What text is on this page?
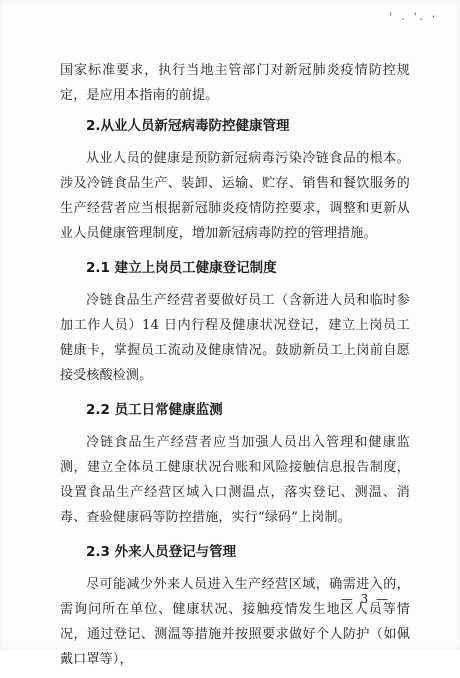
' . '. ·

国家标准要求，执行当地主管部门对新冠肺炎疫情防控规定，是应用本指南的前提。

2.从业人员新冠病毒防控健康管理

从业人员的健康是预防新冠病毒污染冷链食品的根本。涉及冷链食品生产、装卸、运输、贮存、销售和餐饮服务的生产经营者应当根据新冠肺炎疫情防控要求，调整和更新从业人员健康管理制度，增加新冠病毒防控的管理措施。

2.1 建立上岗员工健康登记制度

冷链食品生产经营者要做好员工（含新进人员和临时参加工作人员）14 日内行程及健康状况登记，建立上岗员工健康卡，掌握员工流动及健康情况。鼓励新员工上岗前自愿接受核酸检测。

2.2 员工日常健康监测

冷链食品生产经营者应当加强人员出入管理和健康监测，建立全体员工健康状况台账和风险接触信息报告制度，设置食品生产经营区域入口测温点，落实登记、测温、消毒、查验健康码等防控措施，实行“绿码”上岗制。

2.3 外来人员登记与管理

尽可能减少外来人员进入生产经营区域，确需进入的，需询问所在单位、健康状况、接触疫情发生地区人员等情况，通过登记、测温等措施并按照要求做好个人防护（如佩戴口罩等），

— 3 —
